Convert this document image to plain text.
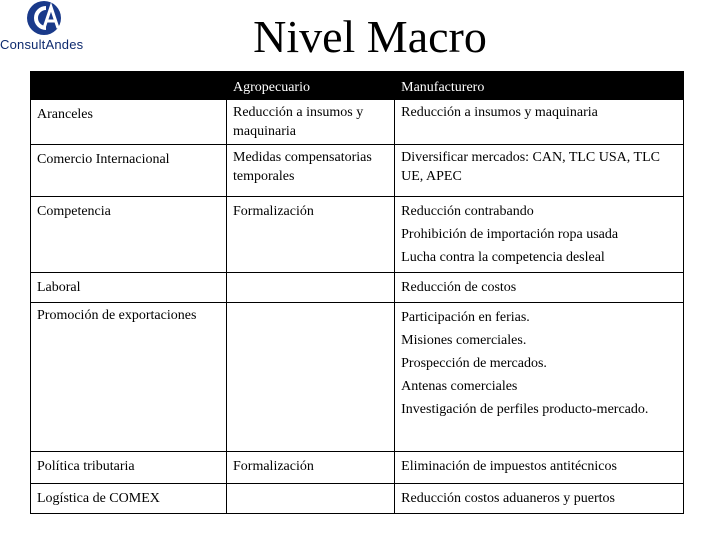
ConsultAndes	Nivel Macro
	Agropecuario	Manufacturero
Aranceles	Reducción a insumos y maquinaria	Reducción a insumos y maquinaria

Comercio Internacional	Medidas compensatorias temporales	Diversificar mercados: CAN, TLC USA, TLC UE, APEC

Competencia	Formalización	Reducción contrabando
Prohibición de importación ropa usada
Lucha contra la competencia desleal

Laboral		Reducción de costos

Promoción de exportaciones		Participación en ferias.
Misiones comerciales.
Prospección de mercados.
Antenas comerciales
Investigación de perfiles producto-mercado.

Política tributaria	Formalización	Eliminación de impuestos antitécnicos

Logística de COMEX		Reducción costos aduaneros y puertos
